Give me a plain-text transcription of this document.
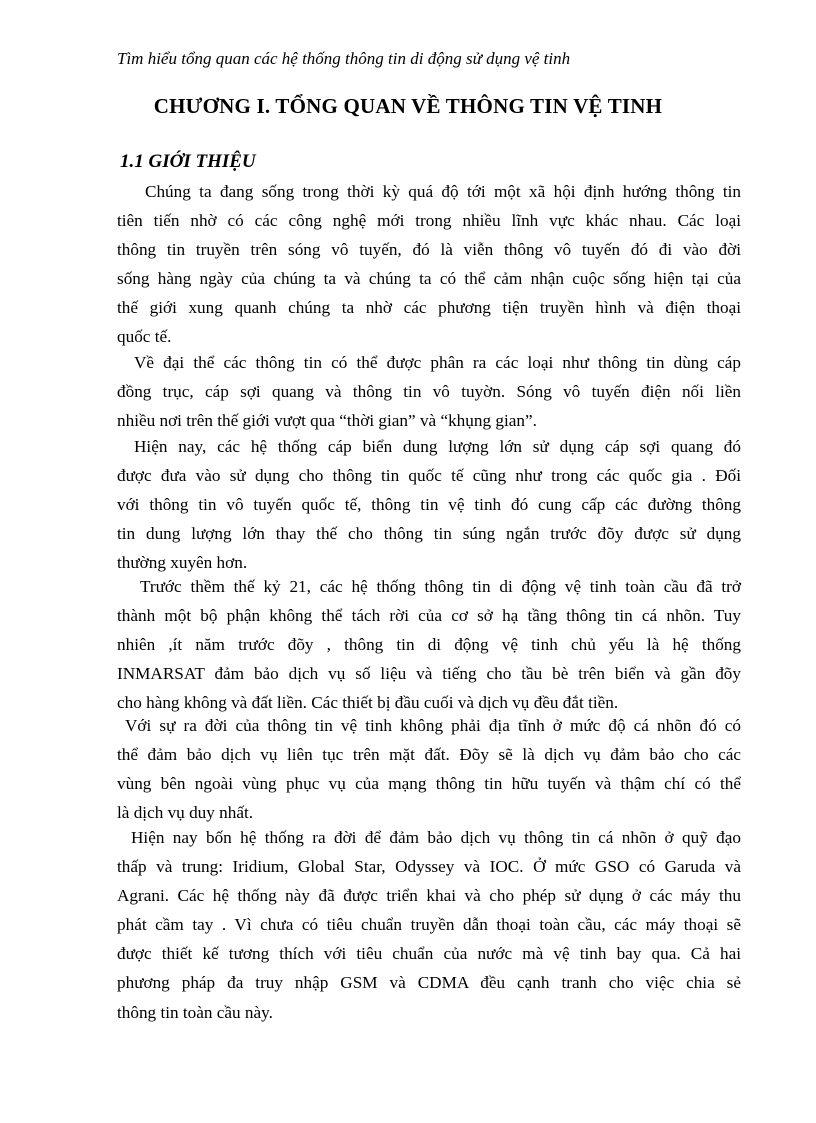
Tìm hiểu tổng quan các hệ thống thông tin di động sử dụng vệ tinh
CHƯƠNG I. TỔNG QUAN VỀ THÔNG TIN VỆ TINH
1.1 GIỚI THIỆU
Chúng ta đang sống trong thời kỳ quá độ tới một xã hội định hướng thông tin
tiên tiến nhờ có các công nghệ mới trong nhiều lĩnh vực khác nhau. Các loại
thông tin truyền trên sóng vô tuyến, đó là viễn thông vô tuyến đó đi vào đời
sống hàng ngày của chúng ta và chúng ta có thể cảm nhận cuộc sống hiện tại của
thế giới xung quanh chúng ta nhờ các phương tiện truyền hình và điện thoại
quốc tế.
Về đại thể các thông tin có thể được phân ra các loại như thông tin dùng cáp
đồng trục, cáp sợi quang và thông tin vô tuyờn. Sóng vô tuyến điện nối liền
nhiều nơi trên thế giới vượt qua “thời gian” và “khụng gian”.
Hiện nay, các hệ thống cáp biển dung lượng lớn sử dụng cáp sợi quang đó
được đưa vào sử dụng cho thông tin quốc tế cũng như trong các quốc gia . Đối
với thông tin vô tuyến quốc tế, thông tin vệ tinh đó cung cấp các đường thông
tin dung lượng lớn thay thế cho thông tin súng ngắn trước đõy được sử dụng
thường xuyên hơn.
Trước thềm thế kỷ 21, các hệ thống thông tin di động vệ tinh toàn cầu đã trở
thành một bộ phận không thể tách rời của cơ sở hạ tầng thông tin cá nhõn. Tuy
nhiên ,ít năm trước đõy , thông tin di động vệ tinh chủ yếu là hệ thống
INMARSAT đảm bảo dịch vụ số liệu và tiếng cho tầu bè trên biển và gần đõy
cho hàng không và đất liền. Các thiết bị đầu cuối và dịch vụ đều đắt tiền.
Với sự ra đời của thông tin vệ tinh không phải địa tĩnh ở mức độ cá nhõn đó có
thể đảm bảo dịch vụ liên tục trên mặt đất. Đõy sẽ là dịch vụ đảm bảo cho các
vùng bên ngoài vùng phục vụ của mạng thông tin hữu tuyến và thậm chí có thể
là dịch vụ duy nhất.
Hiện nay bốn hệ thống ra đời để đảm bảo dịch vụ thông tin cá nhõn ở quỹ đạo
thấp và trung: Iridium, Global Star, Odyssey và IOC. Ở mức GSO có Garuda và
Agrani. Các hệ thống này đã được triển khai và cho phép sử dụng ở các máy thu
phát cầm tay . Vì chưa có tiêu chuẩn truyền dẫn thoại toàn cầu, các máy thoại sẽ
được thiết kế tương thích với tiêu chuẩn của nước mà vệ tinh bay qua. Cả hai
phương pháp đa truy nhập GSM và CDMA đều cạnh tranh cho việc chia sẻ
thông tin toàn cầu này.
